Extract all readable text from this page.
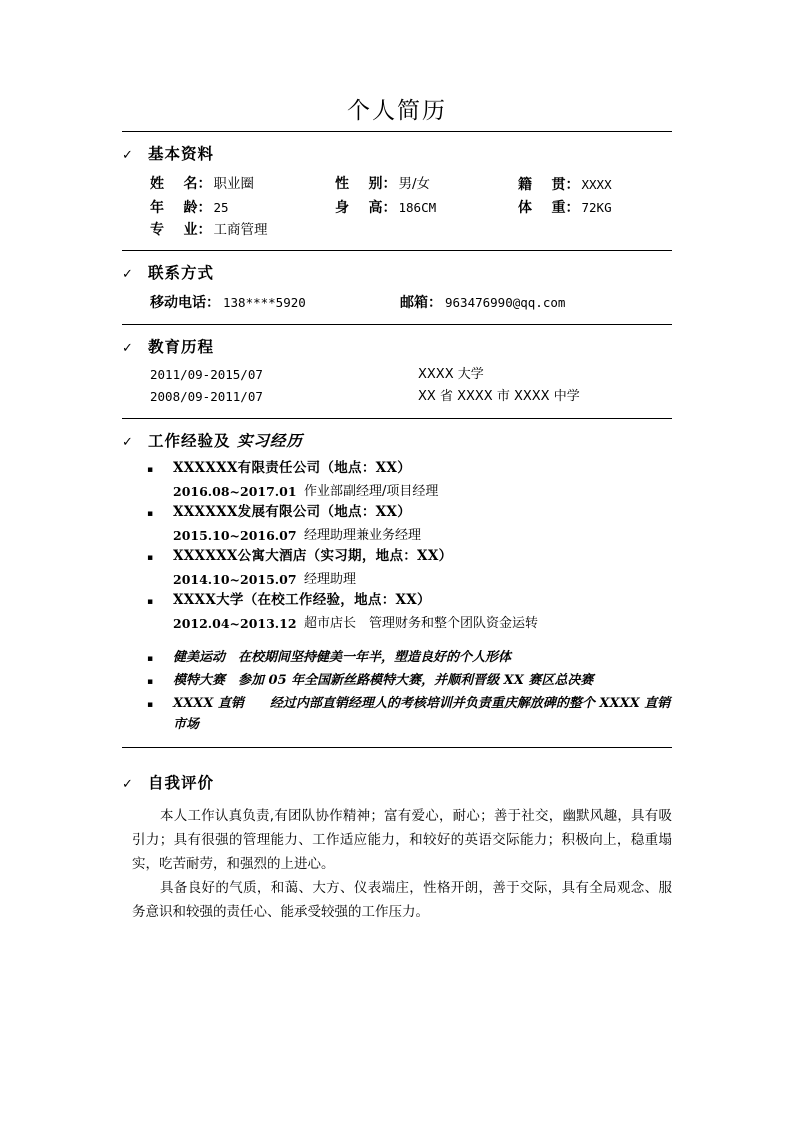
个人简历
✓ 基本资料
姓    名： 职业圈	性    别： 男/女	籍    贯： XXXX
年    龄： 25	身    高： 186CM	体    重： 72KG
专    业： 工商管理
✓ 联系方式
移动电话： 138****5920	邮箱： 963476990@qq.com
✓ 教育历程
2011/09-2015/07	XXXX 大学
2008/09-2011/07	XX 省 XXXX 市 XXXX 中学
✓ 工作经验及 实习经历
▪	XXXXXX有限责任公司（地点：XX）
2016.08~2017.01 作业部副经理/项目经理
▪	XXXXXX发展有限公司（地点：XX）
2015.10~2016.07 经理助理兼业务经理
▪	XXXXXX公寓大酒店（实习期，地点：XX）
2014.10~2015.07 经理助理
▪	XXXX大学（在校工作经验，地点：XX）
2012.04~2013.12 超市店长　管理财务和整个团队资金运转
▪	健美运动　在校期间坚持健美一年半，塑造良好的个人形体
▪	模特大赛　参加 05 年全国新丝路模特大赛，并顺利晋级 XX 赛区总决赛
▪	XXXX 直销　　经过内部直销经理人的考核培训并负责重庆解放碑的整个 XXXX 直销市场
✓ 自我评价

本人工作认真负责,有团队协作精神；富有爱心，耐心；善于社交，幽默风趣，具有吸引力；具有很强的管理能力、工作适应能力，和较好的英语交际能力；积极向上，稳重塌实，吃苦耐劳，和强烈的上进心。

具备良好的气质，和蔼、大方、仪表端庄，性格开朗，善于交际，具有全局观念、服务意识和较强的责任心、能承受较强的工作压力。
